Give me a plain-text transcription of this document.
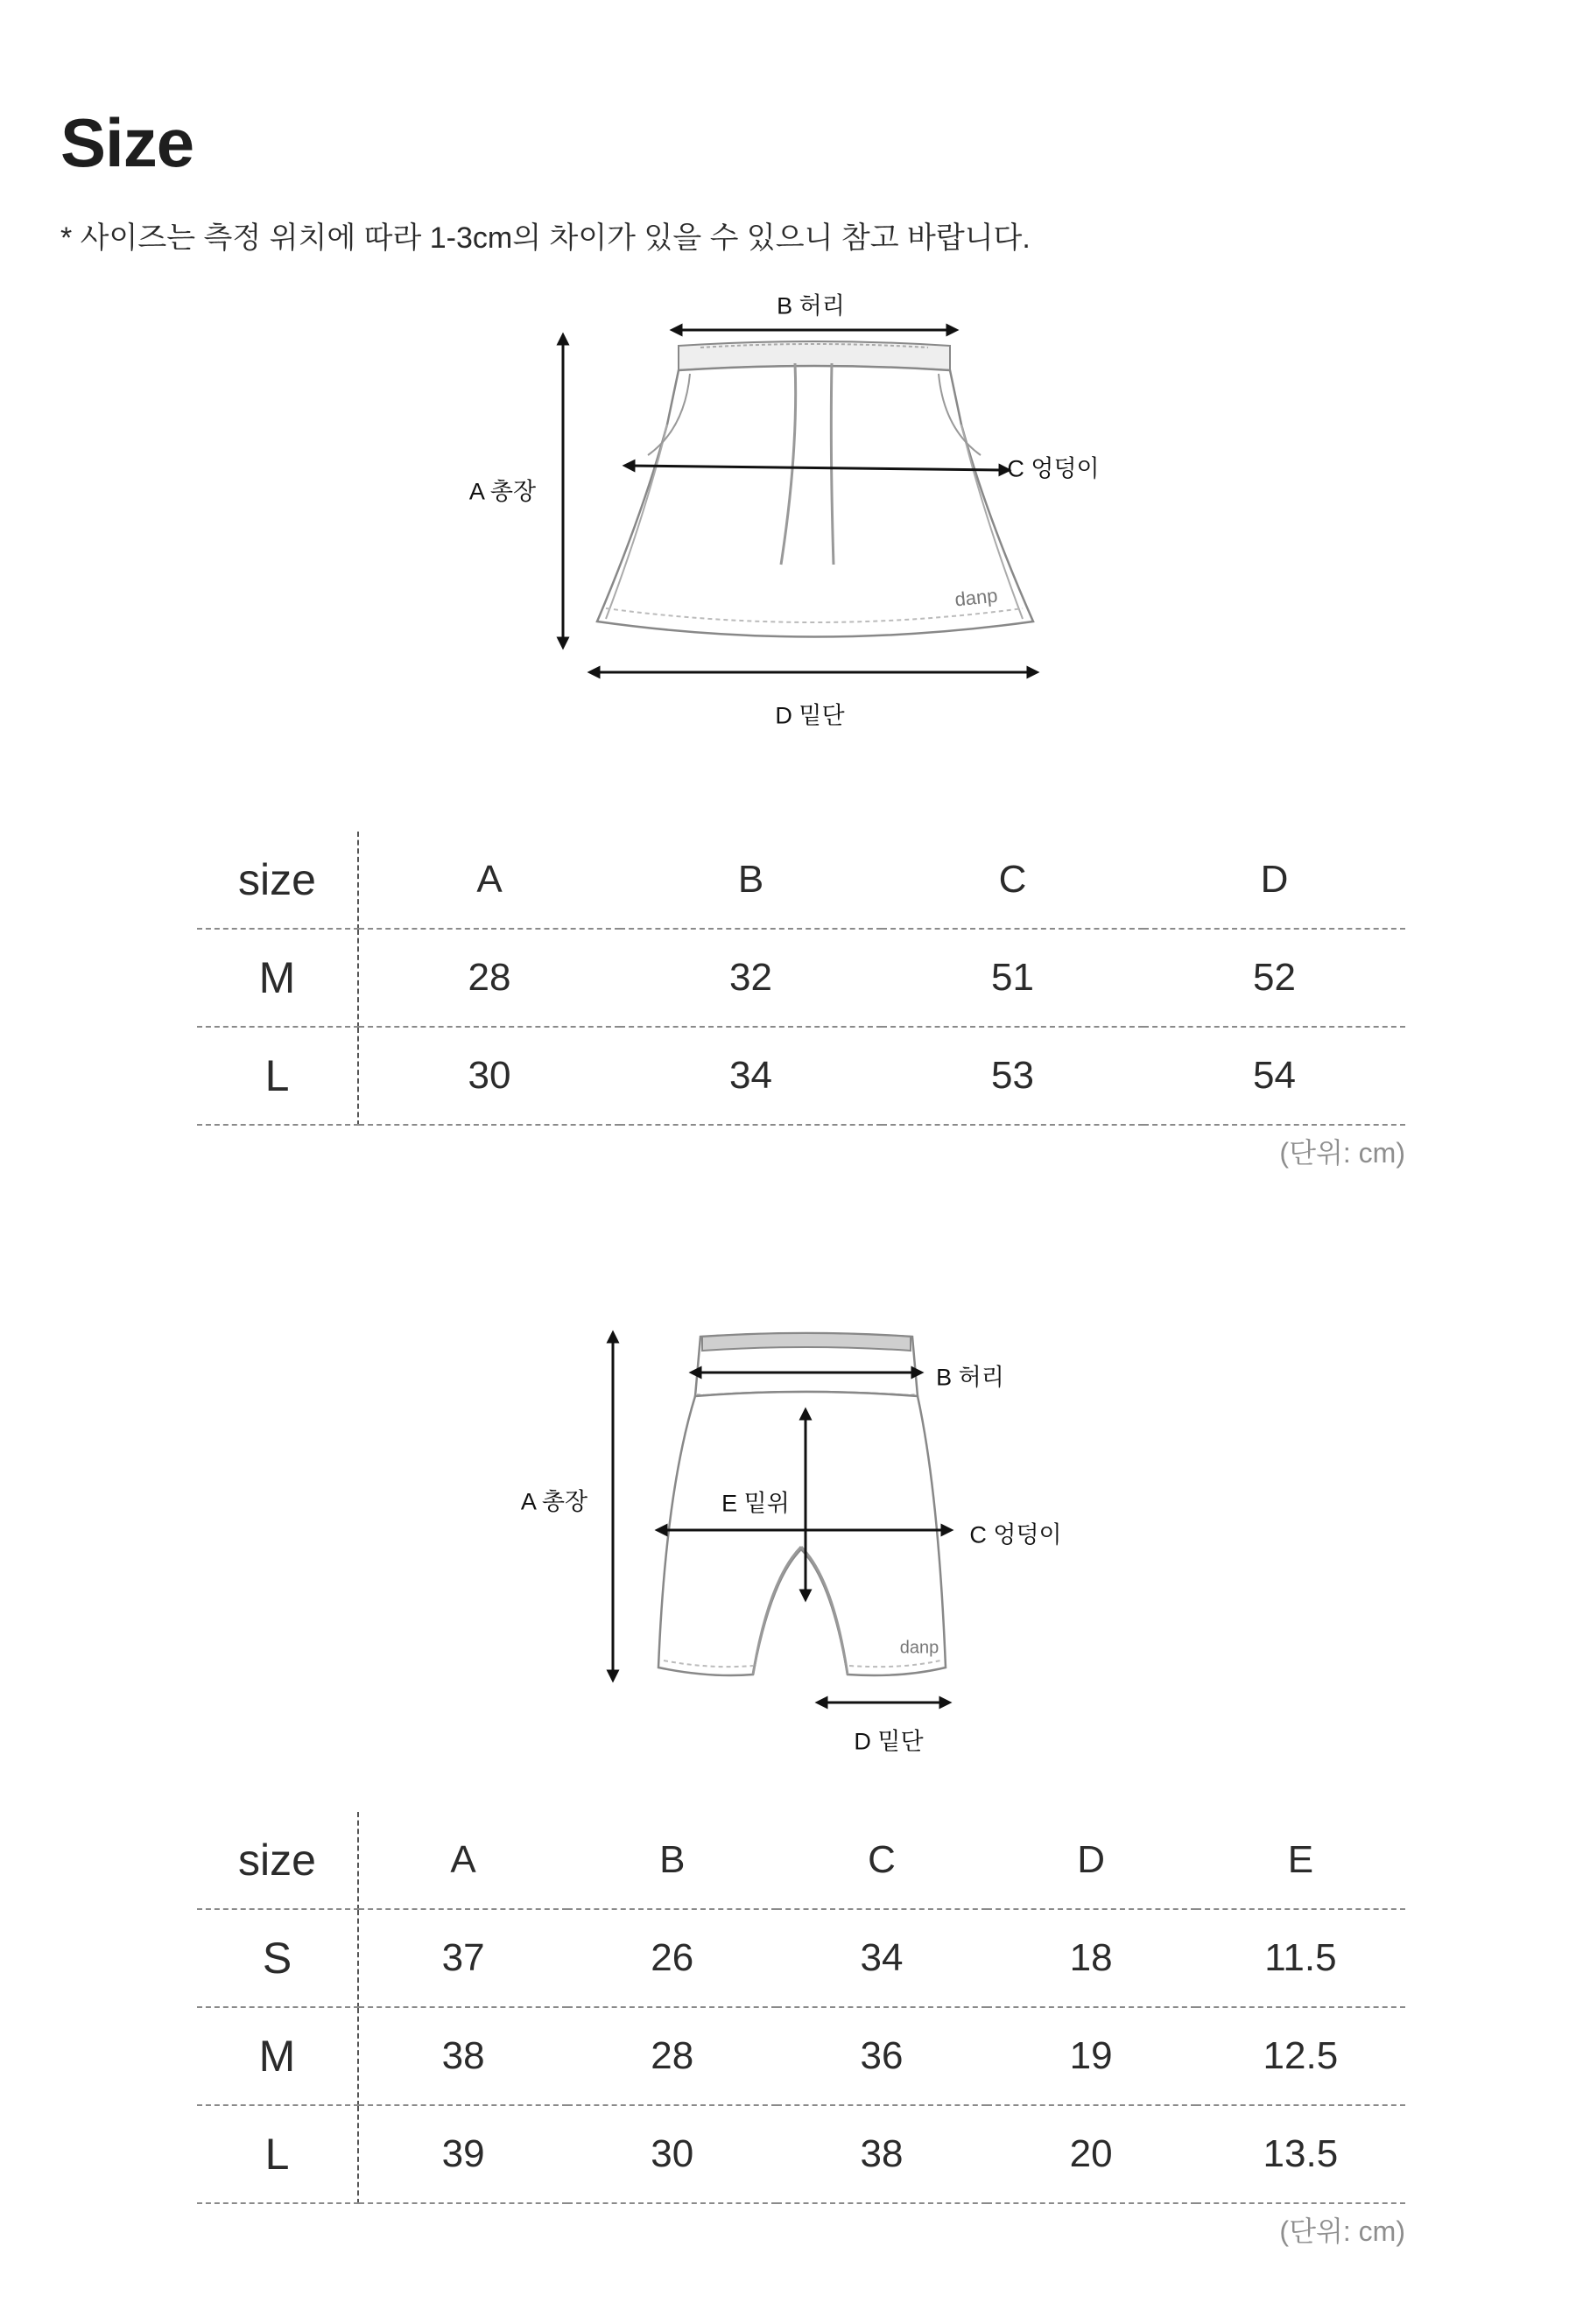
Size
* 사이즈는 측정 위치에 따라 1-3cm의 차이가 있을 수 있으니 참고 바랍니다.
B 허리
A 총장
C 엉덩이
D 밑단
danp
size	A	B	C	D
M	28	32	51	52
L	30	34	53	54
(단위: cm)
B 허리
A 총장	E 밑위
C 엉덩이
D 밑단
danp
size	A	B	C	D	E
S	37	26	34	18	11.5
M	38	28	36	19	12.5
L	39	30	38	20	13.5
(단위: cm)
